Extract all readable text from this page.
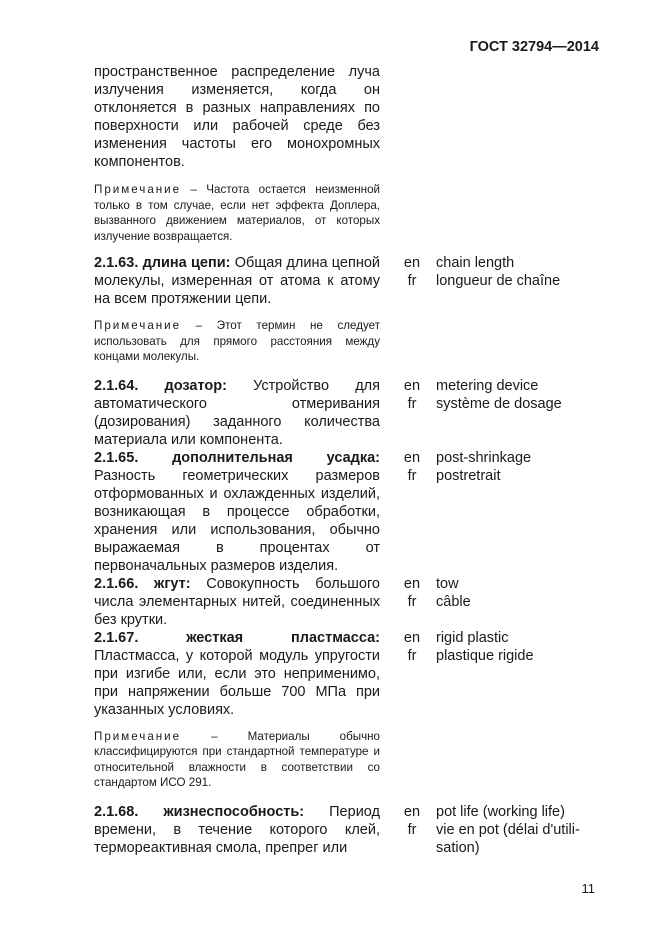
ГОСТ 32794—2014
пространственное распределение луча излучения изменяется, когда он отклоняется в разных направлениях по поверхности или рабочей среде без изменения частоты его монохромных компонентов.
Примечание – Частота остается неизменной только в том случае, если нет эффекта Доплера, вызванного движением материалов, от которых излучение возвращается.
2.1.63. длина цепи: Общая длина цепной молекулы, измеренная от атома к атому на всем протяжении цепи.
en
fr
chain length
longueur de chaîne
Примечание – Этот термин не следует использовать для прямого расстояния между концами молекулы.
2.1.64. дозатор: Устройство для автоматического отмеривания (дозирования) заданного количества материала или компонента.
en
fr
metering device
système de dosage
2.1.65. дополнительная усадка: Разность геометрических размеров отформованных и охлажденных изделий, возникающая в процессе обработки, хранения или использования, обычно выражаемая в процентах от первоначальных размеров изделия.
en
fr
post-shrinkage
postretrait
2.1.66. жгут: Совокупность большого числа элементарных нитей, соединенных без крутки.
en
fr
tow
câble
2.1.67. жесткая пластмасса: Пластмасса, у которой модуль упругости при изгибе или, если это неприменимо, при напряжении больше 700 МПа при указанных условиях.
en
fr
rigid plastic
plastique rigide
Примечание – Материалы обычно классифицируются при стандартной температуре и относительной влажности в соответствии со стандартом ИСО 291.
2.1.68. жизнеспособность: Период времени, в течение которого клей, термореактивная смола, препрег или
en
fr
pot life (working life)
vie en pot (délai d'utili-
sation)
11
